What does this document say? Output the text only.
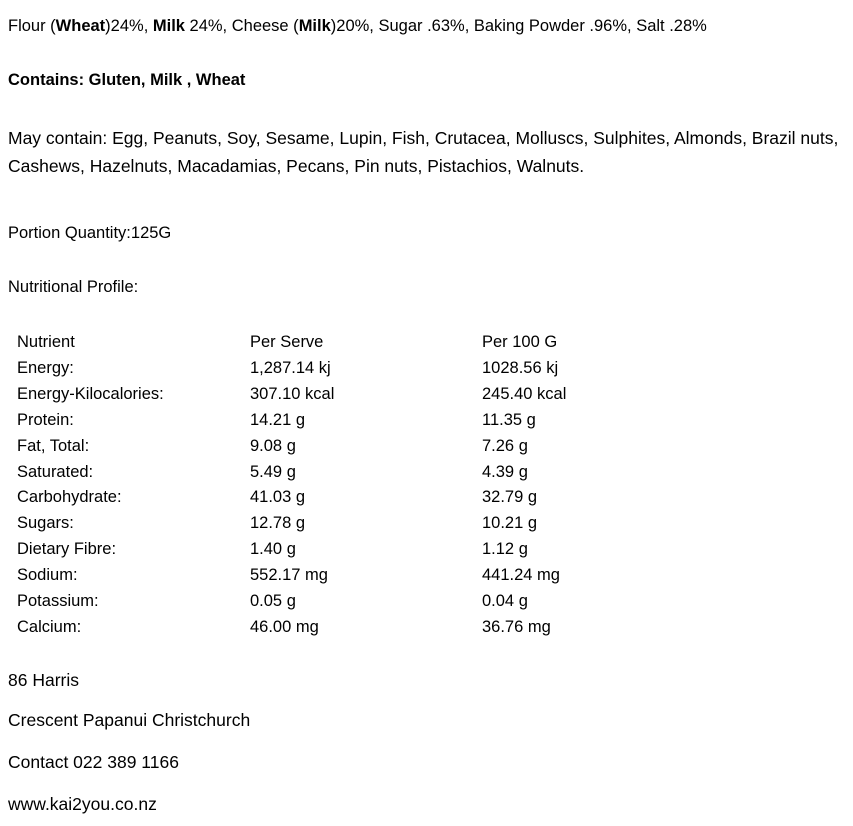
Flour (Wheat)24%, Milk 24%, Cheese (Milk)20%, Sugar .63%, Baking Powder .96%, Salt .28%
Contains: Gluten, Milk , Wheat
May contain: Egg, Peanuts, Soy, Sesame, Lupin, Fish, Crutacea, Molluscs, Sulphites, Almonds, Brazil nuts,
Cashews, Hazelnuts, Macadamias, Pecans, Pin nuts, Pistachios, Walnuts.
Portion Quantity:125G
Nutritional Profile:
Nutrient	Per Serve	Per 100 G
Energy:	1,287.14 kj	1028.56 kj
Energy-Kilocalories:	307.10 kcal	245.40 kcal
Protein:	14.21 g	11.35 g
Fat, Total:	9.08 g	7.26 g
Saturated:	5.49 g	4.39 g
Carbohydrate:	41.03 g	32.79 g
Sugars:	12.78 g	10.21 g
Dietary Fibre:	1.40 g	1.12 g
Sodium:	552.17 mg	441.24 mg
Potassium:	0.05 g	0.04 g
Calcium:	46.00 mg	36.76 mg
86 Harris
Crescent Papanui Christchurch
Contact 022 389 1166
www.kai2you.co.nz
